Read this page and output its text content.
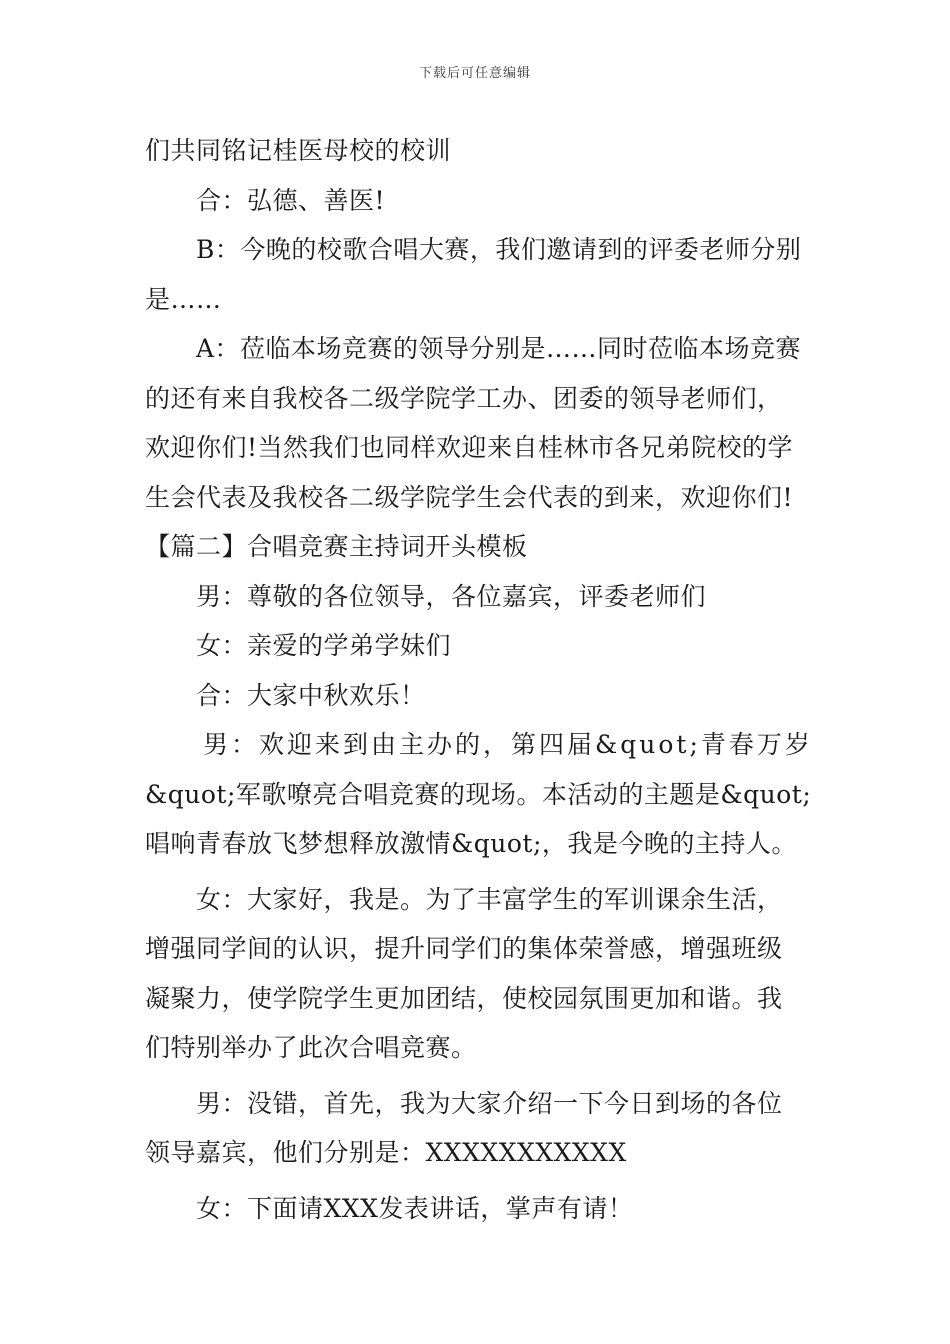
下载后可任意编辑
们共同铭记桂医母校的校训
合：弘德、善医!
B：今晚的校歌合唱大赛，我们邀请到的评委老师分别
是……
A：莅临本场竞赛的领导分别是……同时莅临本场竞赛
的还有来自我校各二级学院学工办、团委的领导老师们，
欢迎你们!当然我们也同样欢迎来自桂林市各兄弟院校的学
生会代表及我校各二级学院学生会代表的到来，欢迎你们!
【篇二】合唱竞赛主持词开头模板
男：尊敬的各位领导，各位嘉宾，评委老师们
女：亲爱的学弟学妹们
合：大家中秋欢乐！
男：欢迎来到由主办的，第四届&quot;青春万岁
&quot;军歌嘹亮合唱竞赛的现场。本活动的主题是&quot;
唱响青春放飞梦想释放激情&quot;，我是今晚的主持人。
女：大家好，我是。为了丰富学生的军训课余生活，
增强同学间的认识，提升同学们的集体荣誉感，增强班级
凝聚力，使学院学生更加团结，使校园氛围更加和谐。我
们特别举办了此次合唱竞赛。
男：没错，首先，我为大家介绍一下今日到场的各位
领导嘉宾，他们分别是：XXXXXXXXXXX
女：下面请XXX发表讲话，掌声有请！
